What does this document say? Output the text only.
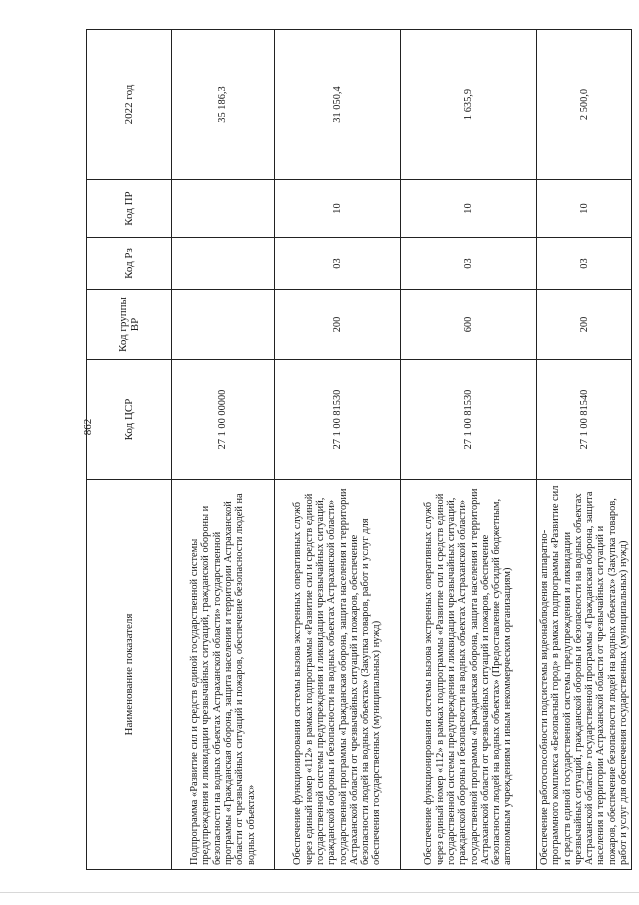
862
Наименование показателя	Код ЦСР	Код группы ВР	Код Рз	Код ПР	2022 год
Подпрограмма «Развитие сил и средств единой государственной системы предупреждения и ликвидации чрезвычайных ситуаций, гражданской обороны и безопасности на водных объектах Астраханской области» государственной программы «Гражданская оборона, защита населения и территории Астраханской области от чрезвычайных ситуаций и пожаров, обеспечение безопасности людей на водных объектах»	27 1 00 00000				35 186,3
Обеспечение функционирования системы вызова экстренных оперативных служб через единый номер «112» в рамках подпрограммы «Развитие сил и средств единой государственной системы предупреждения и ликвидации чрезвычайных ситуаций, гражданской обороны и безопасности на водных объектах Астраханской области» государственной программы «Гражданская оборона, защита населения и территории Астраханской области от чрезвычайных ситуаций и пожаров, обеспечение безопасности людей на водных объектах» (Закупка товаров, работ и услуг для обеспечения государственных (муниципальных) нужд)	27 1 00 81530	200	03	10	31 050,4
Обеспечение функционирования системы вызова экстренных оперативных служб через единый номер «112» в рамках подпрограммы «Развитие сил и средств единой государственной системы предупреждения и ликвидации чрезвычайных ситуаций, гражданской обороны и безопасности на водных объектах Астраханской области» государственной программы «Гражданская оборона, защита населения и территории Астраханской области от чрезвычайных ситуаций и пожаров, обеспечение безопасности людей на водных объектах» (Предоставление субсидий бюджетным, автономным учреждениям и иным некоммерческим организациям)	27 1 00 81530	600	03	10	1 635,9
Обеспечение работоспособности подсистемы видеонаблюдения аппаратно-программного комплекса «Безопасный город» в рамках подпрограммы «Развитие сил и средств единой государственной системы предупреждения и ликвидации чрезвычайных ситуаций, гражданской обороны и безопасности на водных объектах Астраханской области» государственной программы «Гражданская оборона, защита населения и территории Астраханской области от чрезвычайных ситуаций и пожаров, обеспечение безопасности людей на водных объектах» (Закупка товаров, работ и услуг для обеспечения государственных (муниципальных) нужд)	27 1 00 81540	200	03	10	2 500,0
